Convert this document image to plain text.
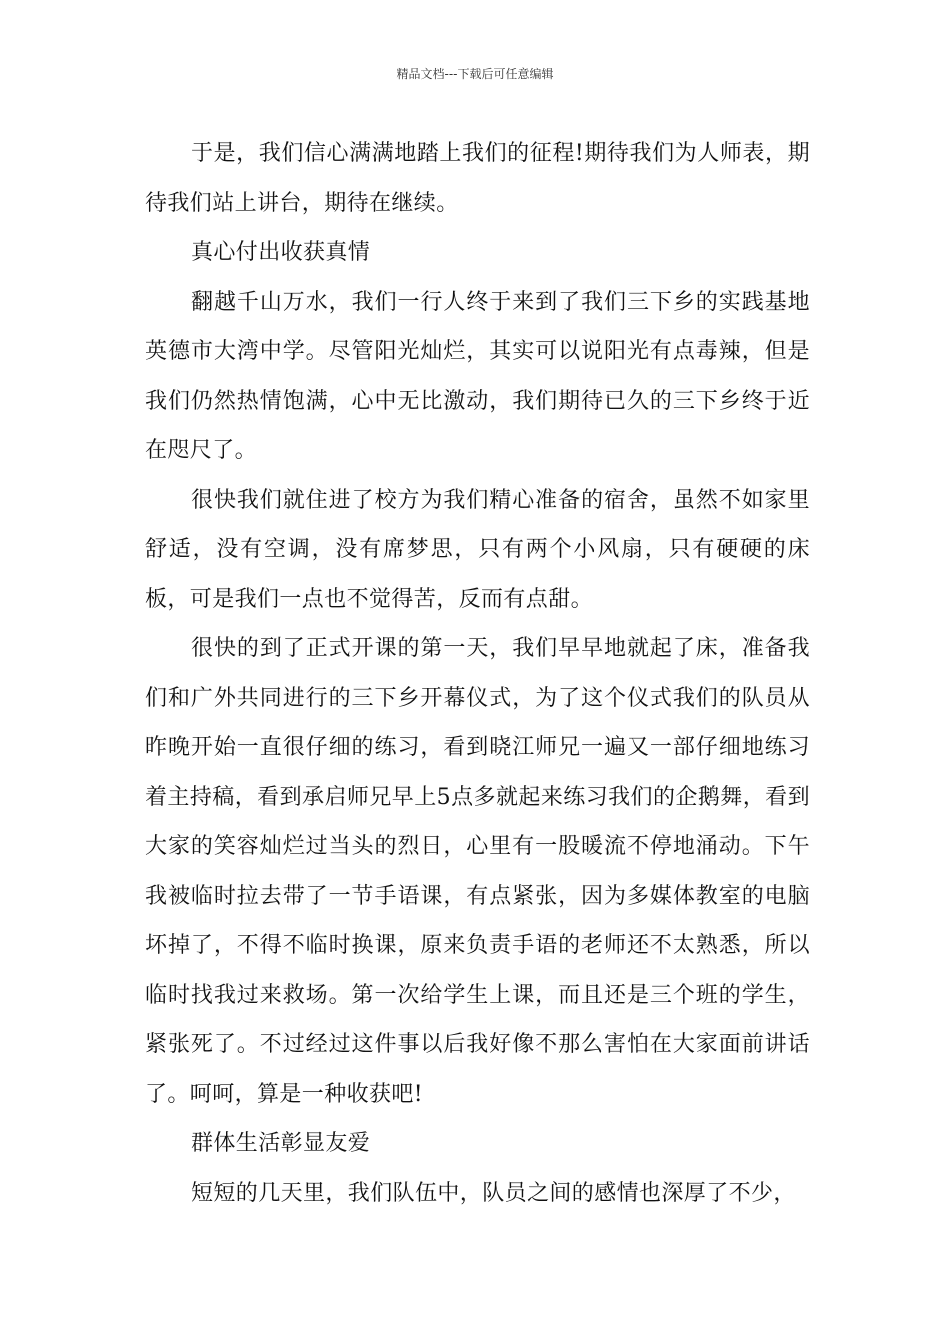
精品文档---下载后可任意编辑

于是，我们信心满满地踏上我们的征程!期待我们为人师表，期待我们站上讲台，期待在继续。

真心付出收获真情

翻越千山万水，我们一行人终于来到了我们三下乡的实践基地英德市大湾中学。尽管阳光灿烂，其实可以说阳光有点毒辣，但是我们仍然热情饱满，心中无比激动，我们期待已久的三下乡终于近在咫尺了。

很快我们就住进了校方为我们精心准备的宿舍，虽然不如家里舒适，没有空调，没有席梦思，只有两个小风扇，只有硬硬的床板，可是我们一点也不觉得苦，反而有点甜。

很快的到了正式开课的第一天，我们早早地就起了床，准备我们和广外共同进行的三下乡开幕仪式，为了这个仪式我们的队员从昨晚开始一直很仔细的练习，看到晓江师兄一遍又一部仔细地练习着主持稿，看到承启师兄早上5点多就起来练习我们的企鹅舞，看到大家的笑容灿烂过当头的烈日，心里有一股暖流不停地涌动。下午我被临时拉去带了一节手语课，有点紧张，因为多媒体教室的电脑坏掉了，不得不临时换课，原来负责手语的老师还不太熟悉，所以临时找我过来救场。第一次给学生上课，而且还是三个班的学生，紧张死了。不过经过这件事以后我好像不那么害怕在大家面前讲话了。呵呵，算是一种收获吧!

群体生活彰显友爱

短短的几天里，我们队伍中，队员之间的感情也深厚了不少，
